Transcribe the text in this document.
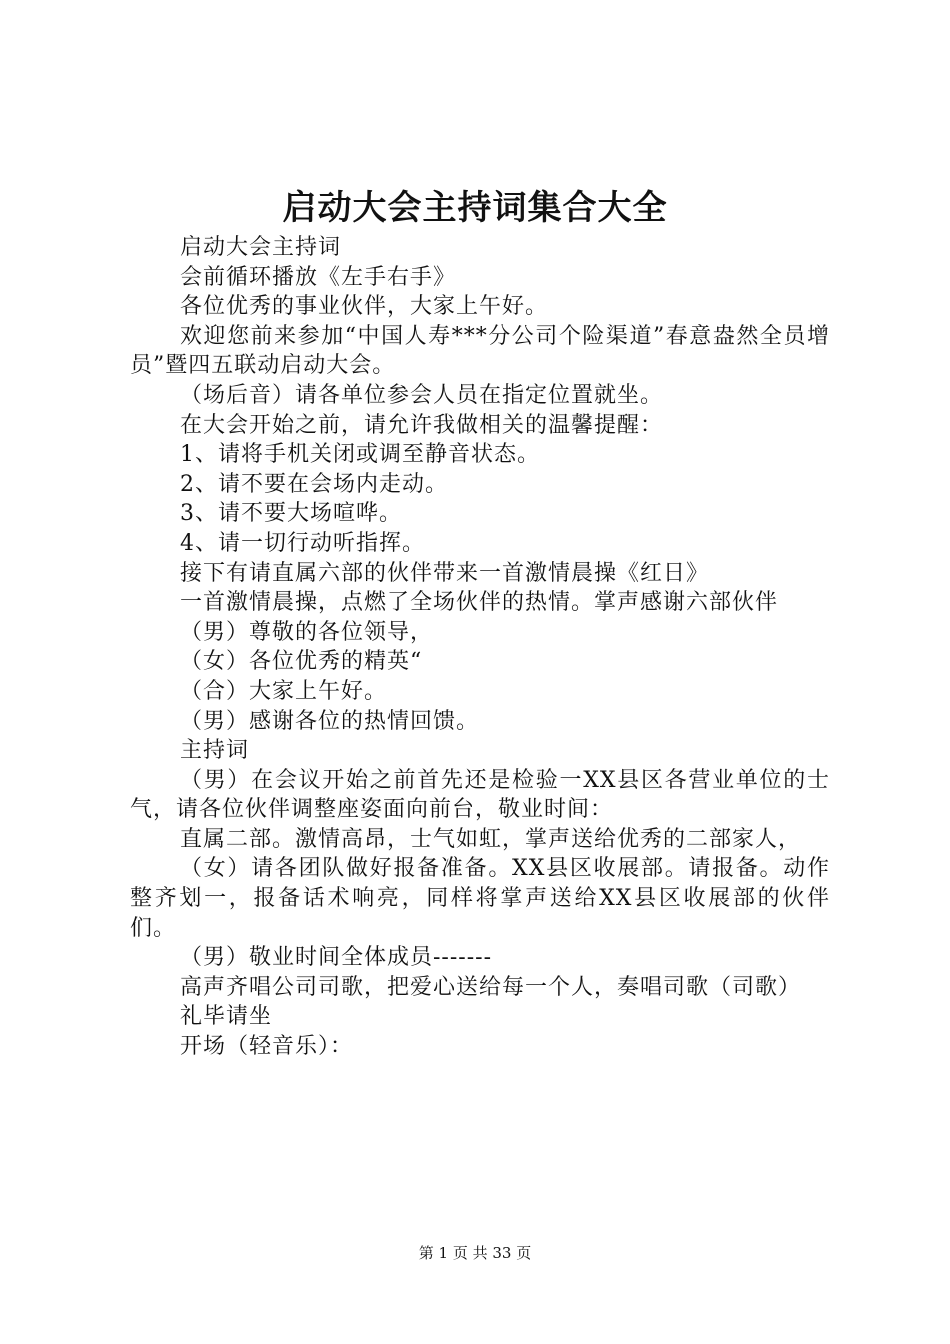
启动大会主持词集合大全

启动大会主持词

会前循环播放《左手右手》

各位优秀的事业伙伴，大家上午好。

欢迎您前来参加“中国人寿***分公司个险渠道”春意盎然全员增员”暨四五联动启动大会。

（场后音）请各单位参会人员在指定位置就坐。

在大会开始之前，请允许我做相关的温馨提醒：

1、请将手机关闭或调至静音状态。

2、请不要在会场内走动。

3、请不要大场喧哗。

4、请一切行动听指挥。

接下有请直属六部的伙伴带来一首激情晨操《红日》

一首激情晨操，点燃了全场伙伴的热情。掌声感谢六部伙伴

（男）尊敬的各位领导，

（女）各位优秀的精英“

（合）大家上午好。

（男）感谢各位的热情回馈。

主持词

（男）在会议开始之前首先还是检验一XX县区各营业单位的士气，请各位伙伴调整座姿面向前台，敬业时间：

直属二部。激情高昂，士气如虹，掌声送给优秀的二部家人，

（女）请各团队做好报备准备。XX县区收展部。请报备。动作整齐划一，报备话术响亮，同样将掌声送给XX县区收展部的伙伴们。

（男）敬业时间全体成员-------

高声齐唱公司司歌，把爱心送给每一个人，奏唱司歌（司歌）

礼毕请坐

开场（轻音乐）：

第 1 页 共 33 页
